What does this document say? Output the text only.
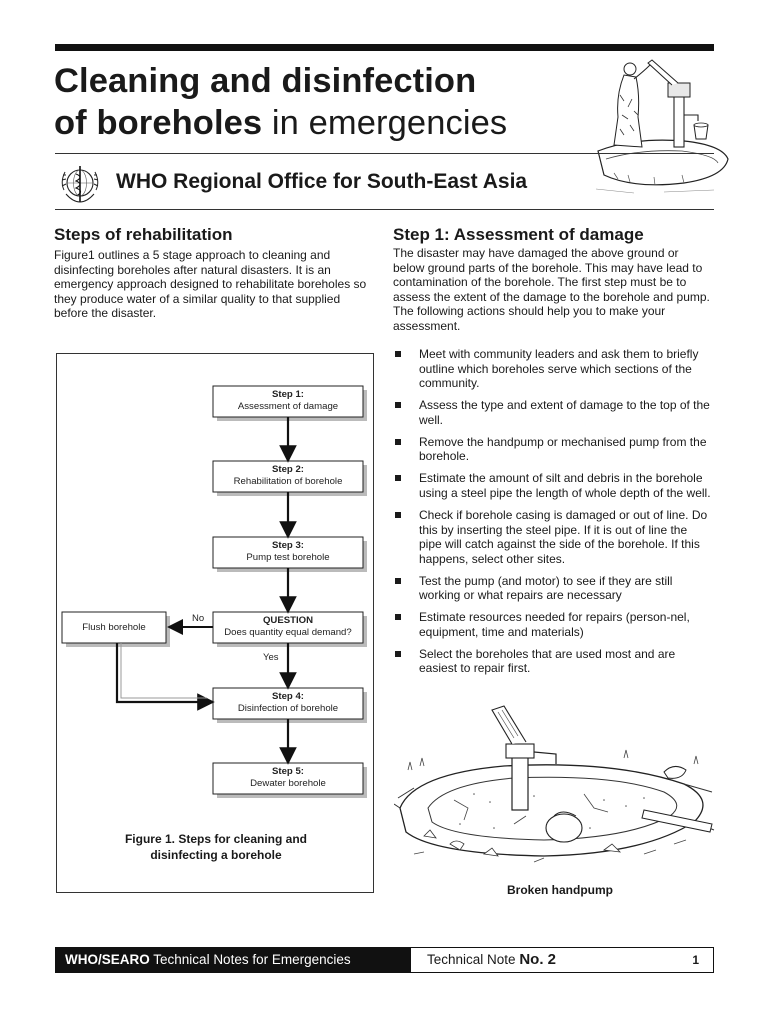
Cleaning and disinfection
of boreholes in emergencies
WHO Regional Office for South-East Asia
Steps of rehabilitation
Figure1 outlines a 5 stage approach to cleaning and disinfecting boreholes after natural disasters. It is an emergency approach designed to rehabilitate boreholes so they produce water of a similar quality to that supplied before the disaster.
Step 1:
Assessment of damage
Step 2:
Rehabilitation of borehole
Step 3:
Pump test borehole
QUESTION
Does quantity equal demand?
Flush borehole
Step 4:
Disinfection of borehole
Step 5:
Dewater borehole
No
Yes
Figure 1. Steps for cleaning and
disinfecting a borehole
Step 1: Assessment of damage
The disaster may have damaged the above ground or below ground parts of the borehole. This may have lead to contamination of the borehole. The first step must be to assess the extent of the damage to the borehole and pump. The following actions should help you to make your assessment.
Meet with community leaders and ask them to briefly outline which boreholes serve which sections of the community.
Assess the type and extent of damage to the top of the well.
Remove the handpump or mechanised pump from the borehole.
Estimate the amount of silt and debris in the borehole using a steel pipe the length of whole depth of the well.
Check if borehole casing is damaged or out of line. Do this by inserting the steel pipe. If it is out of line the pipe will catch against the side of the borehole. If this happens, select other sites.
Test the pump (and motor) to see if they are still working or what repairs are necessary
Estimate resources needed for repairs (person-nel, equipment, time and materials)
Select the boreholes that are used most and are easiest to repair first.
Broken handpump
WHO/SEARO Technical Notes for Emergencies	Technical Note No. 2	1
